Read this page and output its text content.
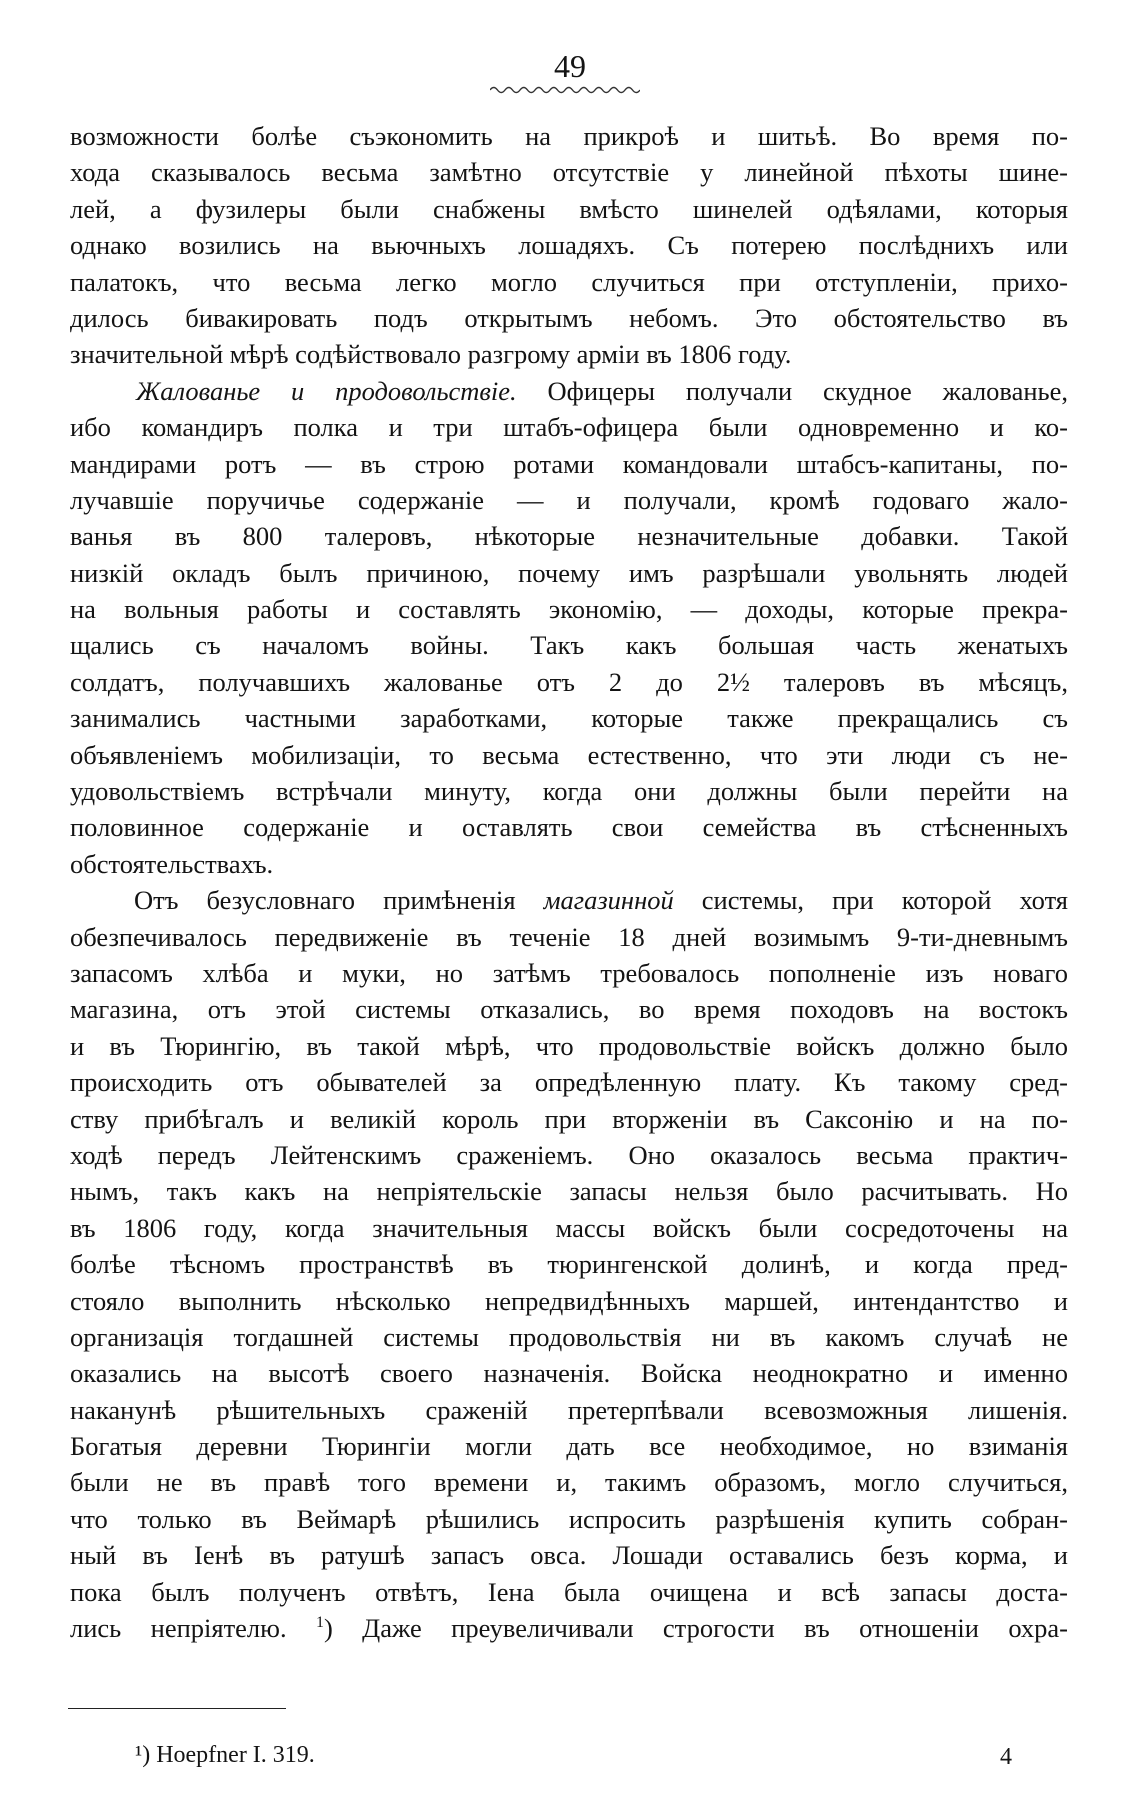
49
возможности болѣе съэкономить на прикроѣ и шитьѣ. Во время по-
хода сказывалось весьма замѣтно отсутствіе у линейной пѣхоты шине-
лей, а фузилеры были снабжены вмѣсто шинелей одѣялами, которыя
однако возились на вьючныхъ лошадяхъ. Съ потерею послѣднихъ или
палатокъ, что весьма легко могло случиться при отступленіи, прихо-
дилось бивакировать подъ открытымъ небомъ. Это обстоятельство въ
значительной мѣрѣ содѣйствовало разгрому арміи въ 1806 году.
Жалованье и продовольствіе. Офицеры получали скудное жалованье,
ибо командиръ полка и три штабъ-офицера были одновременно и ко-
мандирами ротъ — въ строю ротами командовали штабсъ-капитаны, по-
лучавшіе поручичье содержаніе — и получали, кромѣ годоваго жало-
ванья въ 800 талеровъ, нѣкоторые незначительные добавки. Такой
низкій окладъ былъ причиною, почему имъ разрѣшали увольнять людей
на вольныя работы и составлять экономію, — доходы, которые прекра-
щались съ началомъ войны. Такъ какъ большая часть женатыхъ
солдатъ, получавшихъ жалованье отъ 2 до 2½ талеровъ въ мѣсяцъ,
занимались частными заработками, которые также прекращались съ
объявленіемъ мобилизаціи, то весьма естественно, что эти люди съ не-
удовольствіемъ встрѣчали минуту, когда они должны были перейти на
половинное содержаніе и оставлять свои семейства въ стѣсненныхъ
обстоятельствахъ.
Отъ безусловнаго примѣненія магазинной системы, при которой хотя
обезпечивалось передвиженіе въ теченіе 18 дней возимымъ 9-ти-дневнымъ
запасомъ хлѣба и муки, но затѣмъ требовалось пополненіе изъ новаго
магазина, отъ этой системы отказались, во время походовъ на востокъ
и въ Тюрингію, въ такой мѣрѣ, что продовольствіе войскъ должно было
происходить отъ обывателей за опредѣленную плату. Къ такому сред-
ству прибѣгалъ и великій король при вторженіи въ Саксонію и на по-
ходѣ передъ Лейтенскимъ сраженіемъ. Оно оказалось весьма практич-
нымъ, такъ какъ на непріятельскіе запасы нельзя было расчитывать. Но
въ 1806 году, когда значительныя массы войскъ были сосредоточены на
болѣе тѣсномъ пространствѣ въ тюрингенской долинѣ, и когда пред-
стояло выполнить нѣсколько непредвидѣнныхъ маршей, интендантство и
организація тогдашней системы продовольствія ни въ какомъ случаѣ не
оказались на высотѣ своего назначенія. Войска неоднократно и именно
наканунѣ рѣшительныхъ сраженій претерпѣвали всевозможныя лишенія.
Богатыя деревни Тюрингіи могли дать все необходимое, но взиманія
были не въ правѣ того времени и, такимъ образомъ, могло случиться,
что только въ Веймарѣ рѣшились испросить разрѣшенія купить собран-
ный въ Іенѣ въ ратушѣ запасъ овса. Лошади оставались безъ корма, и
пока былъ полученъ отвѣтъ, Іена была очищена и всѣ запасы доста-
лись непріятелю. $^1$) Даже преувеличивали строгости въ отношеніи охра-
¹) Hoepfner I. 319.	4
